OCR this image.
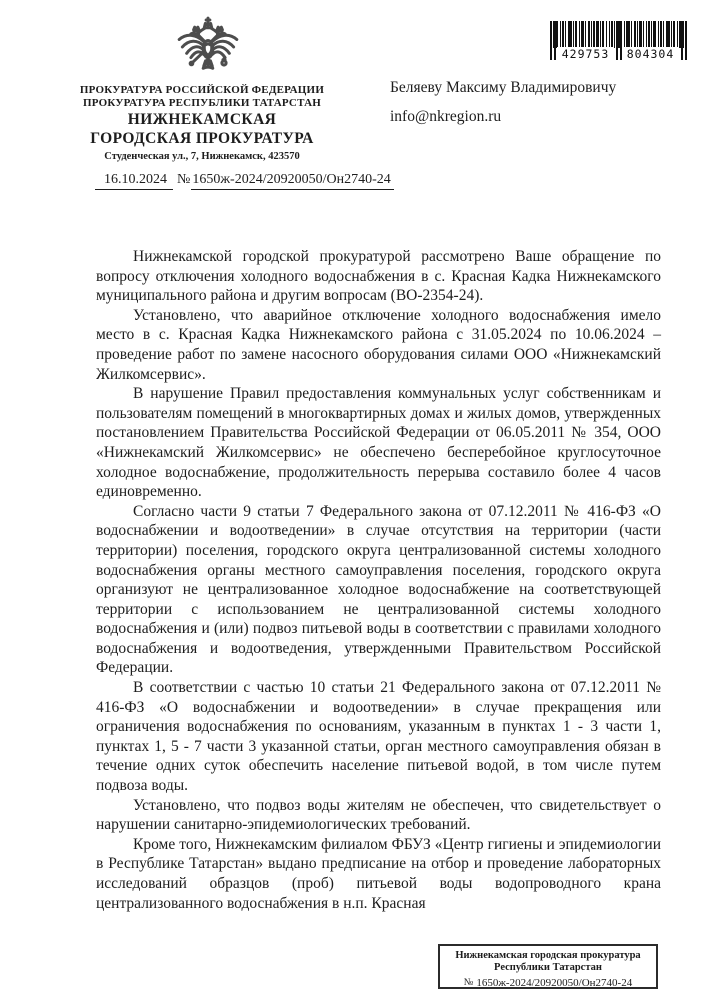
ПРОКУРАТУРА РОССИЙСКОЙ ФЕДЕРАЦИИ
ПРОКУРАТУРА РЕСПУБЛИКИ ТАТАРСТАН
НИЖНЕКАМСКАЯ
ГОРОДСКАЯ ПРОКУРАТУРА
Студенческая ул., 7, Нижнекамск, 423570
16.10.2024 № 1650ж-2024/20920050/Он2740-24
429753	804304
Беляеву Максиму Владимировичу
info@nkregion.ru

Нижнекамской городской прокуратурой рассмотрено Ваше обращение по вопросу отключения холодного водоснабжения в с. Красная Кадка Нижнекамского муниципального района и другим вопросам (ВО-2354-24).

Установлено, что аварийное отключение холодного водоснабжения имело место в с. Красная Кадка Нижнекамского района с 31.05.2024 по 10.06.2024 – проведение работ по замене насосного оборудования силами ООО «Нижнекамский Жилкомсервис».

В нарушение Правил предоставления коммунальных услуг собственникам и пользователям помещений в многоквартирных домах и жилых домов, утвержденных постановлением Правительства Российской Федерации от 06.05.2011 № 354, ООО «Нижнекамский Жилкомсервис» не обеспечено бесперебойное круглосуточное холодное водоснабжение, продолжительность перерыва составило более 4 часов единовременно.

Согласно части 9 статьи 7 Федерального закона от 07.12.2011 № 416-ФЗ «О водоснабжении и водоотведении» в случае отсутствия на территории (части территории) поселения, городского округа централизованной системы холодного водоснабжения органы местного самоуправления поселения, городского округа организуют не централизованное холодное водоснабжение на соответствующей территории с использованием не централизованной системы холодного водоснабжения и (или) подвоз питьевой воды в соответствии с правилами холодного водоснабжения и водоотведения, утвержденными Правительством Российской Федерации.

В соответствии с частью 10 статьи 21 Федерального закона от 07.12.2011 № 416-ФЗ «О водоснабжении и водоотведении» в случае прекращения или ограничения водоснабжения по основаниям, указанным в пунктах 1 - 3 части 1, пунктах 1, 5 - 7 части 3 указанной статьи, орган местного самоуправления обязан в течение одних суток обеспечить население питьевой водой, в том числе путем подвоза воды.

Установлено, что подвоз воды жителям не обеспечен, что свидетельствует о нарушении санитарно-эпидемиологических требований.

Кроме того, Нижнекамским филиалом ФБУЗ «Центр гигиены и эпидемиологии в Республике Татарстан» выдано предписание на отбор и проведение лабораторных исследований образцов (проб) питьевой воды водопроводного крана централизованного водоснабжения в н.п. Красная

Нижнекамская городская прокуратура
Республики Татарстан
№ 1650ж-2024/20920050/Он2740-24
